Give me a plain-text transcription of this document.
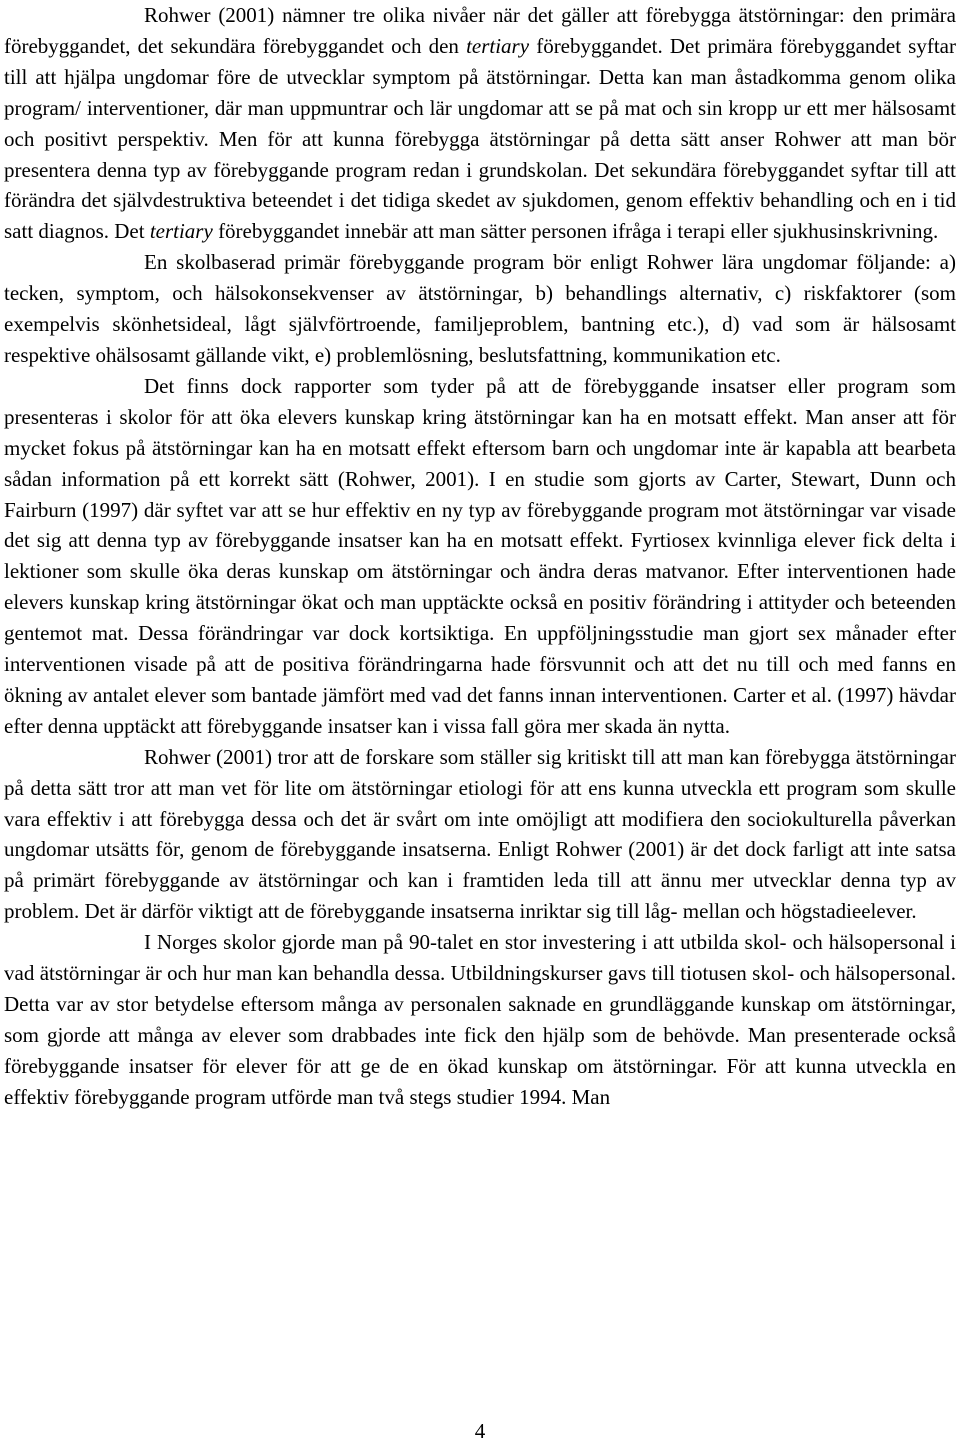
Rohwer (2001) nämner tre olika nivåer när det gäller att förebygga ätstörningar: den primära förebyggandet, det sekundära förebyggandet och den tertiary förebyggandet. Det primära förebyggandet syftar till att hjälpa ungdomar före de utvecklar symptom på ätstörningar. Detta kan man åstadkomma genom olika program/ interventioner, där man uppmuntrar och lär ungdomar att se på mat och sin kropp ur ett mer hälsosamt och positivt perspektiv. Men för att kunna förebygga ätstörningar på detta sätt anser Rohwer att man bör presentera denna typ av förebyggande program redan i grundskolan. Det sekundära förebyggandet syftar till att förändra det självdestruktiva beteendet i det tidiga skedet av sjukdomen, genom effektiv behandling och en i tid satt diagnos. Det tertiary förebyggandet innebär att man sätter personen ifråga i terapi eller sjukhusinskrivning.

En skolbaserad primär förebyggande program bör enligt Rohwer lära ungdomar följande: a) tecken, symptom, och hälsokonsekvenser av ätstörningar, b) behandlings alternativ, c) riskfaktorer (som exempelvis skönhetsideal, lågt självförtroende, familjeproblem, bantning etc.), d) vad som är hälsosamt respektive ohälsosamt gällande vikt, e) problemlösning, beslutsfattning, kommunikation etc.

Det finns dock rapporter som tyder på att de förebyggande insatser eller program som presenteras i skolor för att öka elevers kunskap kring ätstörningar kan ha en motsatt effekt. Man anser att för mycket fokus på ätstörningar kan ha en motsatt effekt eftersom barn och ungdomar inte är kapabla att bearbeta sådan information på ett korrekt sätt (Rohwer, 2001). I en studie som gjorts av Carter, Stewart, Dunn och Fairburn (1997) där syftet var att se hur effektiv en ny typ av förebyggande program mot ätstörningar var visade det sig att denna typ av förebyggande insatser kan ha en motsatt effekt. Fyrtiosex kvinnliga elever fick delta i lektioner som skulle öka deras kunskap om ätstörningar och ändra deras matvanor. Efter interventionen hade elevers kunskap kring ätstörningar ökat och man upptäckte också en positiv förändring i attityder och beteenden gentemot mat. Dessa förändringar var dock kortsiktiga. En uppföljningsstudie man gjort sex månader efter interventionen visade på att de positiva förändringarna hade försvunnit och att det nu till och med fanns en ökning av antalet elever som bantade jämfört med vad det fanns innan interventionen. Carter et al. (1997) hävdar efter denna upptäckt att förebyggande insatser kan i vissa fall göra mer skada än nytta.

Rohwer (2001) tror att de forskare som ställer sig kritiskt till att man kan förebygga ätstörningar på detta sätt tror att man vet för lite om ätstörningar etiologi för att ens kunna utveckla ett program som skulle vara effektiv i att förebygga dessa och det är svårt om inte omöjligt att modifiera den sociokulturella påverkan ungdomar utsätts för, genom de förebyggande insatserna. Enligt Rohwer (2001) är det dock farligt att inte satsa på primärt förebyggande av ätstörningar och kan i framtiden leda till att ännu mer utvecklar denna typ av problem. Det är därför viktigt att de förebyggande insatserna inriktar sig till låg- mellan och högstadieelever.

I Norges skolor gjorde man på 90-talet en stor investering i att utbilda skol- och hälsopersonal i vad ätstörningar är och hur man kan behandla dessa. Utbildningskurser gavs till tiotusen skol- och hälsopersonal. Detta var av stor betydelse eftersom många av personalen saknade en grundläggande kunskap om ätstörningar, som gjorde att många av elever som drabbades inte fick den hjälp som de behövde. Man presenterade också förebyggande insatser för elever för att ge de en ökad kunskap om ätstörningar. För att kunna utveckla en effektiv förebyggande program utförde man två stegs studier 1994. Man

4
